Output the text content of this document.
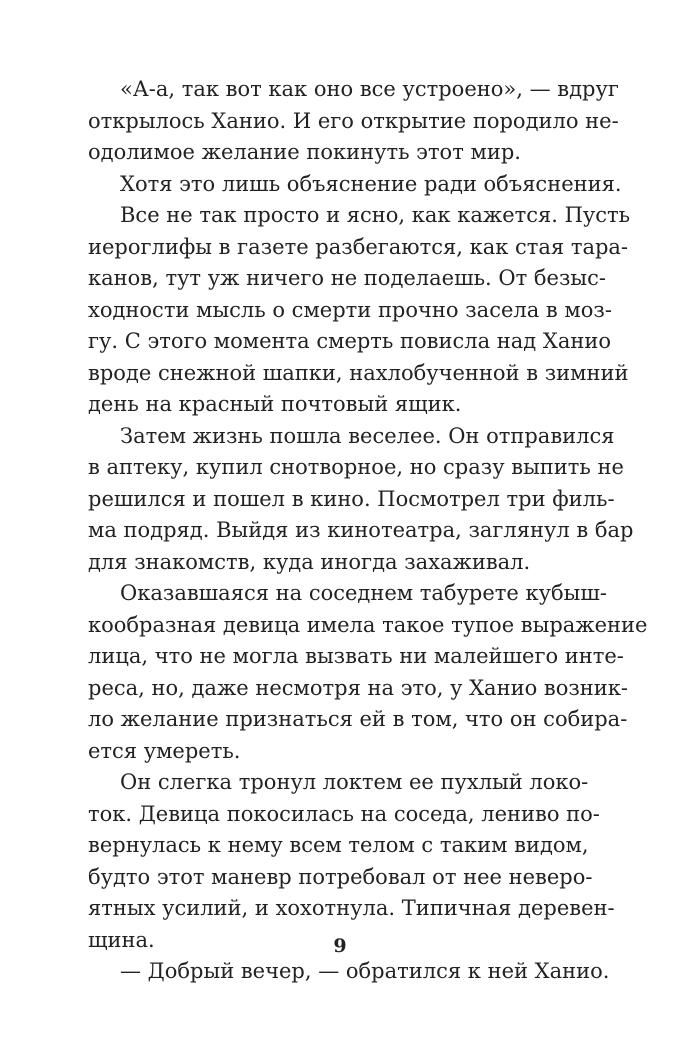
«А-а, так вот как оно все устроено», — вдруг
открылось Ханио. И его открытие породило не-
одолимое желание покинуть этот мир.
Хотя это лишь объяснение ради объяснения.
Все не так просто и ясно, как кажется. Пусть
иероглифы в газете разбегаются, как стая тара-
канов, тут уж ничего не поделаешь. От безыс-
ходности мысль о смерти прочно засела в моз-
гу. С этого момента смерть повисла над Ханио
вроде снежной шапки, нахлобученной в зимний
день на красный почтовый ящик.
Затем жизнь пошла веселее. Он отправился
в аптеку, купил снотворное, но сразу выпить не
решился и пошел в кино. Посмотрел три филь-
ма подряд. Выйдя из кинотеатра, заглянул в бар
для знакомств, куда иногда захаживал.
Оказавшаяся на соседнем табурете кубыш-
кообразная девица имела такое тупое выражение
лица, что не могла вызвать ни малейшего инте-
реса, но, даже несмотря на это, у Ханио возник-
ло желание признаться ей в том, что он собира-
ется умереть.
Он слегка тронул локтем ее пухлый локо-
ток. Девица покосилась на соседа, лениво по-
вернулась к нему всем телом с таким видом,
будто этот маневр потребовал от нее неверо-
ятных усилий, и хохотнула. Типичная деревен-
щина.
— Добрый вечер, — обратился к ней Ханио.
9
